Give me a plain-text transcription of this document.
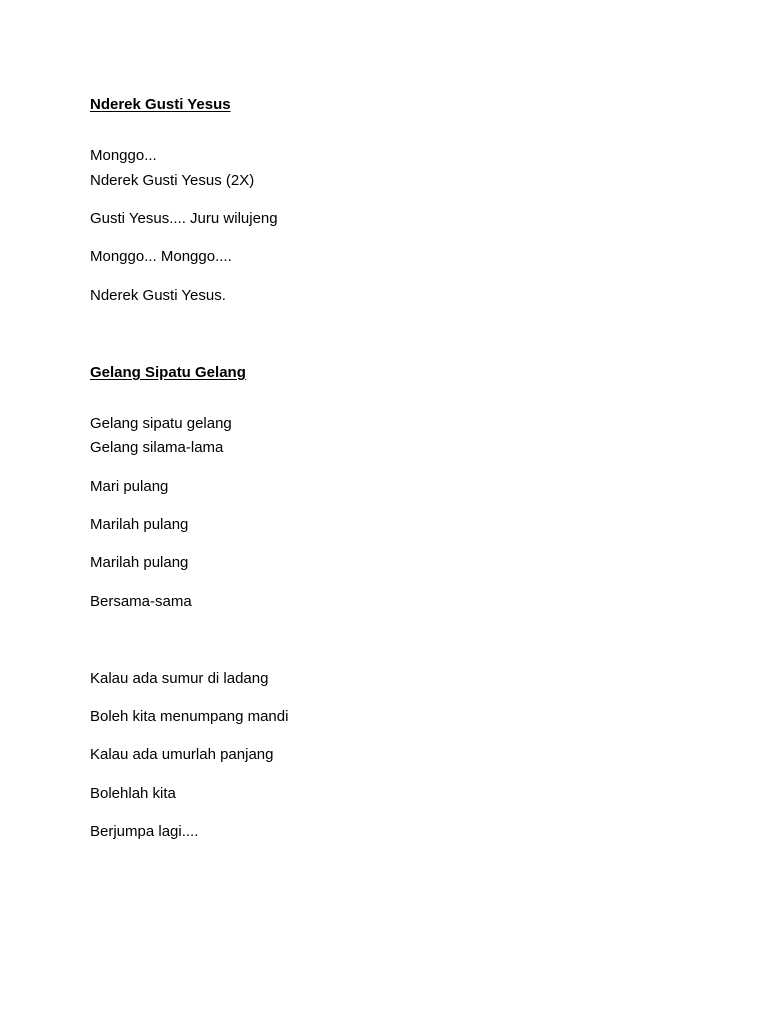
Nderek Gusti Yesus

Monggo...

Nderek Gusti Yesus (2X)

Gusti Yesus.... Juru wilujeng

Monggo... Monggo....

Nderek Gusti Yesus.

Gelang Sipatu Gelang

Gelang sipatu gelang

Gelang silama-lama

Mari pulang

Marilah pulang

Marilah pulang

Bersama-sama

Kalau ada sumur di ladang

Boleh kita menumpang mandi

Kalau ada umurlah panjang

Bolehlah kita

Berjumpa lagi....
